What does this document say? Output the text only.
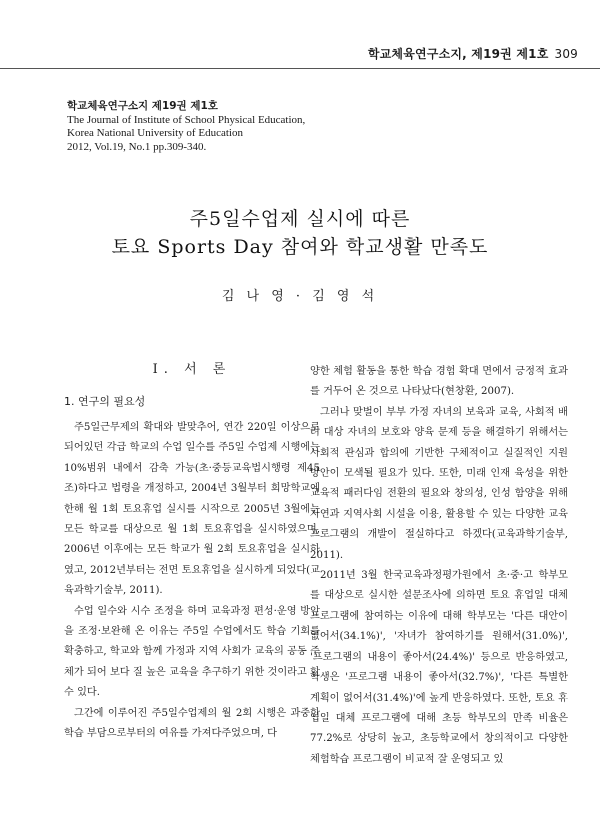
학교체육연구소지, 제19권 제1호 309
학교체육연구소지 제19권 제1호
The Journal of Institute of School Physical Education,
Korea National University of Education
2012, Vol.19, No.1 pp.309-340.
주5일수업제 실시에 따른
토요 Sports Day 참여와 학교생활 만족도
김 나 영 · 김 영 석
Ⅰ. 서 론
1. 연구의 필요성

주5일근무제의 확대와 발맞추어, 연간 220일 이상으로 되어있던 각급 학교의 수업 일수를 주5일 수업제 시행에는 10%범위 내에서 감축 가능(초·중등교육법시행령 제45조)하다고 법령을 개정하고, 2004년 3월부터 희망학교에 한해 월 1회 토요휴업 실시를 시작으로 2005년 3월에는 모든 학교를 대상으로 월 1회 토요휴업을 실시하였으며, 2006년 이후에는 모든 학교가 월 2회 토요휴업을 실시하였고, 2012년부터는 전면 토요휴업을 실시하게 되었다(교육과학기술부, 2011).

수업 일수와 시수 조정을 하며 교육과정 편성·운영 방안을 조정·보완해 온 이유는 주5일 수업에서도 학습 기회를 확충하고, 학교와 함께 가정과 지역 사회가 교육의 공동 주체가 되어 보다 질 높은 교육을 추구하기 위한 것이라고 할 수 있다.

그간에 이루어진 주5일수업제의 월 2회 시행은 과중한 학습 부담으로부터의 여유를 가져다주었으며, 다

양한 체험 활동을 통한 학습 경험 확대 면에서 긍정적 효과를 거두어 온 것으로 나타났다(현창환, 2007).

그러나 맞벌이 부부 가정 자녀의 보육과 교육, 사회적 배려 대상 자녀의 보호와 양육 문제 등을 해결하기 위해서는 사회적 관심과 합의에 기반한 구체적이고 실질적인 지원 방안이 모색될 필요가 있다. 또한, 미래 인재 육성을 위한 교육적 패러다임 전환의 필요와 창의성, 인성 함양을 위해 자연과 지역사회 시설을 이용, 활용할 수 있는 다양한 교육프로그램의 개발이 절실하다고 하겠다(교육과학기술부, 2011).

2011년 3월 한국교육과정평가원에서 초·중·고 학부모를 대상으로 실시한 설문조사에 의하면 토요 휴업일 대체 프로그램에 참여하는 이유에 대해 학부모는 '다른 대안이 없어서(34.1%)', '자녀가 참여하기를 원해서(31.0%)', '프로그램의 내용이 좋아서(24.4%)' 등으로 반응하였고, 학생은 '프로그램 내용이 좋아서(32.7%)', '다른 특별한 계획이 없어서(31.4%)'에 높게 반응하였다. 또한, 토요 휴업일 대체 프로그램에 대해 초등 학부모의 만족 비율은 77.2%로 상당히 높고, 초등학교에서 창의적이고 다양한 체험학습 프로그램이 비교적 잘 운영되고 있
